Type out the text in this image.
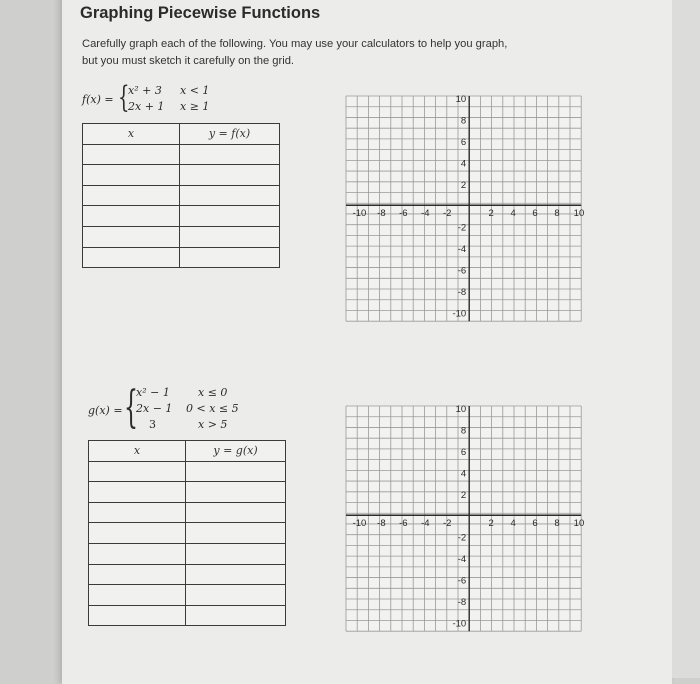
Graphing Piecewise Functions
Carefully graph each of the following. You may use your calculators to help you graph,
but you must sketch it carefully on the grid.
f(x) = {
x² + 3 x < 1
2x + 1 x ≥ 1
x	y = f(x)

g(x) = {
x² − 1	x ≤ 0
2x − 1 0 < x ≤ 5
3	x > 5
x	y = g(x)

-10 -8 -6 -4 -2	2 4 6 8 10
10
8
6
4
2
-2
-4
-6
-8
-10
-10 -8 -6 -4 -2	2 4 6 8 10
10
8
6
4
2
-2
-4
-6
-8
-10
